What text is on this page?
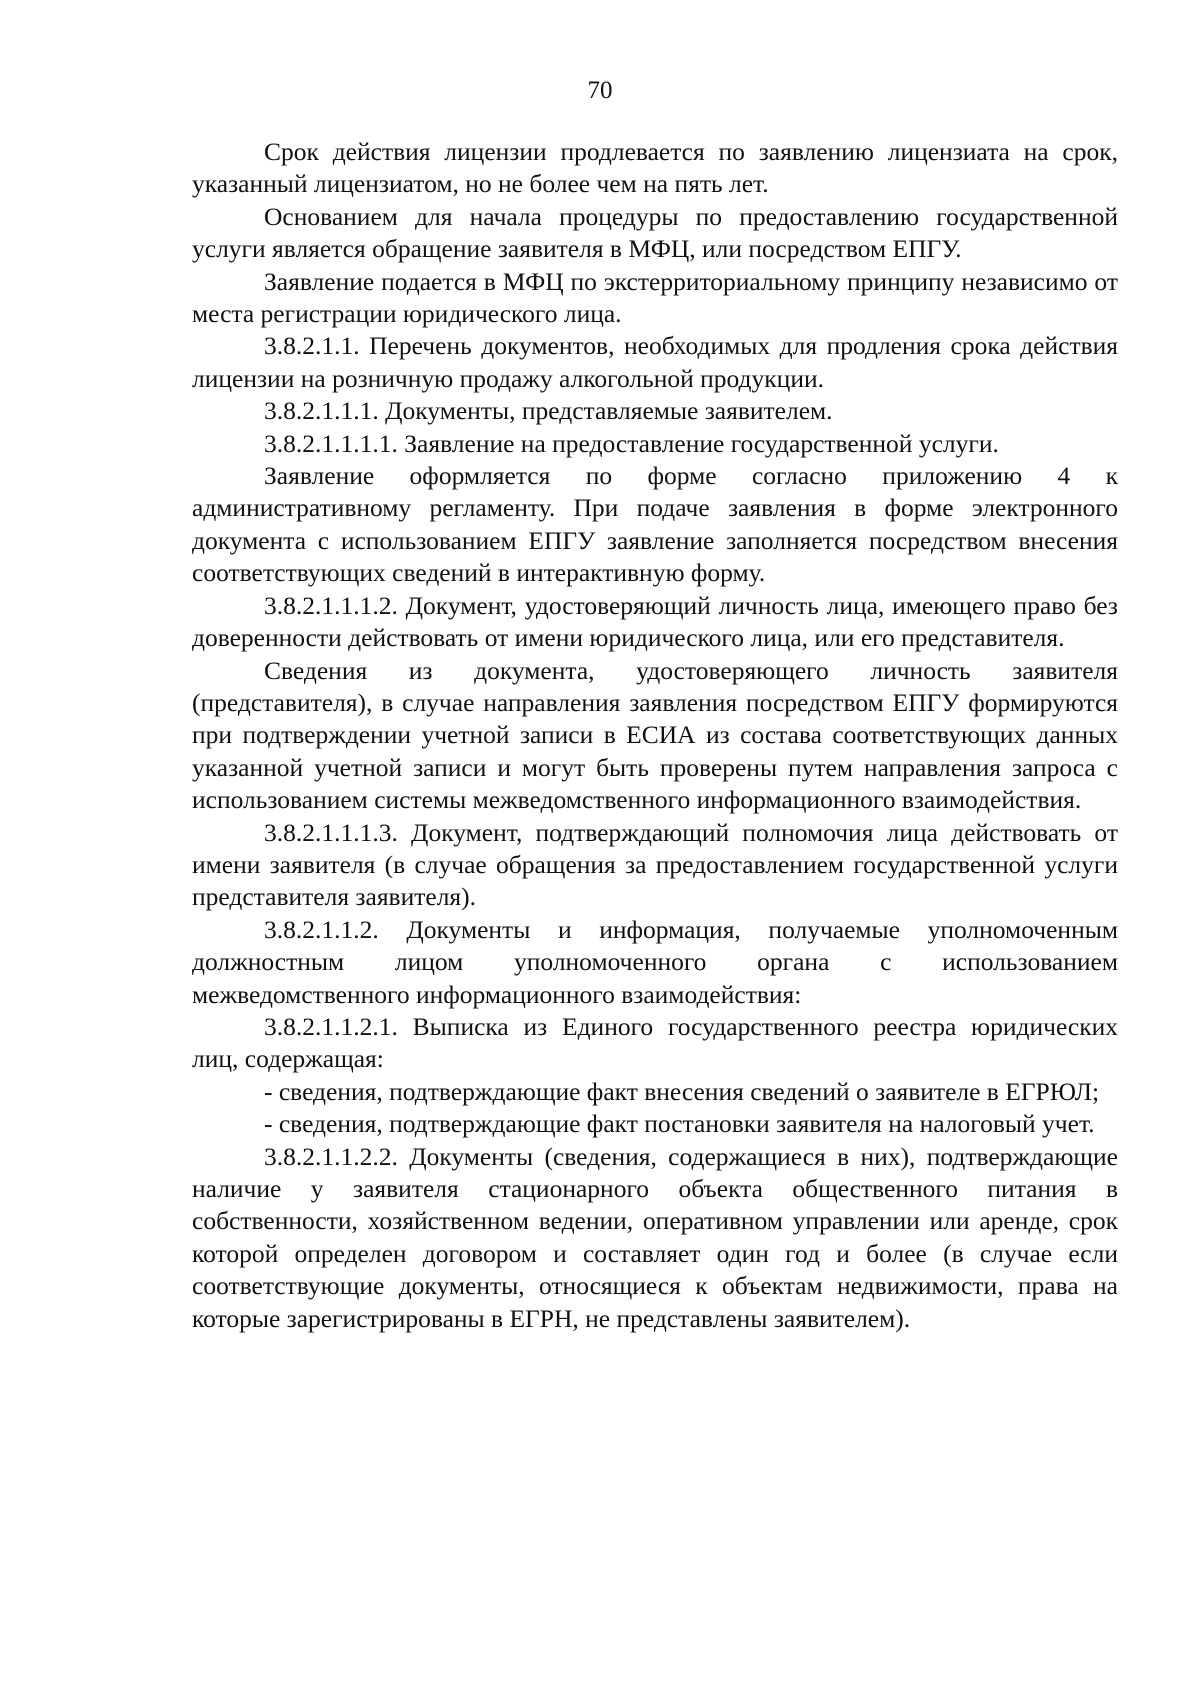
70

Срок действия лицензии продлевается по заявлению лицензиата на срок, указанный лицензиатом, но не более чем на пять лет.

Основанием для начала процедуры по предоставлению государственной услуги является обращение заявителя в МФЦ, или посредством ЕПГУ.

Заявление подается в МФЦ по экстерриториальному принципу независимо от места регистрации юридического лица.

3.8.2.1.1. Перечень документов, необходимых для продления срока действия лицензии на розничную продажу алкогольной продукции.

3.8.2.1.1.1. Документы, представляемые заявителем.

3.8.2.1.1.1.1. Заявление на предоставление государственной услуги.

Заявление оформляется по форме согласно приложению 4 к административному регламенту. При подаче заявления в форме электронного документа с использованием ЕПГУ заявление заполняется посредством внесения соответствующих сведений в интерактивную форму.

3.8.2.1.1.1.2. Документ, удостоверяющий личность лица, имеющего право без доверенности действовать от имени юридического лица, или его представителя.

Сведения из документа, удостоверяющего личность заявителя (представителя), в случае направления заявления посредством ЕПГУ формируются при подтверждении учетной записи в ЕСИА из состава соответствующих данных указанной учетной записи и могут быть проверены путем направления запроса с использованием системы межведомственного информационного взаимодействия.

3.8.2.1.1.1.3. Документ, подтверждающий полномочия лица действовать от имени заявителя (в случае обращения за предоставлением государственной услуги представителя заявителя).

3.8.2.1.1.2. Документы и информация, получаемые уполномоченным должностным лицом уполномоченного органа с использованием межведомственного информационного взаимодействия:

3.8.2.1.1.2.1. Выписка из Единого государственного реестра юридических лиц, содержащая:

- сведения, подтверждающие факт внесения сведений о заявителе в ЕГРЮЛ;

- сведения, подтверждающие факт постановки заявителя на налоговый учет.

3.8.2.1.1.2.2. Документы (сведения, содержащиеся в них), подтверждающие наличие у заявителя стационарного объекта общественного питания в собственности, хозяйственном ведении, оперативном управлении или аренде, срок которой определен договором и составляет один год и более (в случае если соответствующие документы, относящиеся к объектам недвижимости, права на которые зарегистрированы в ЕГРН, не представлены заявителем).
